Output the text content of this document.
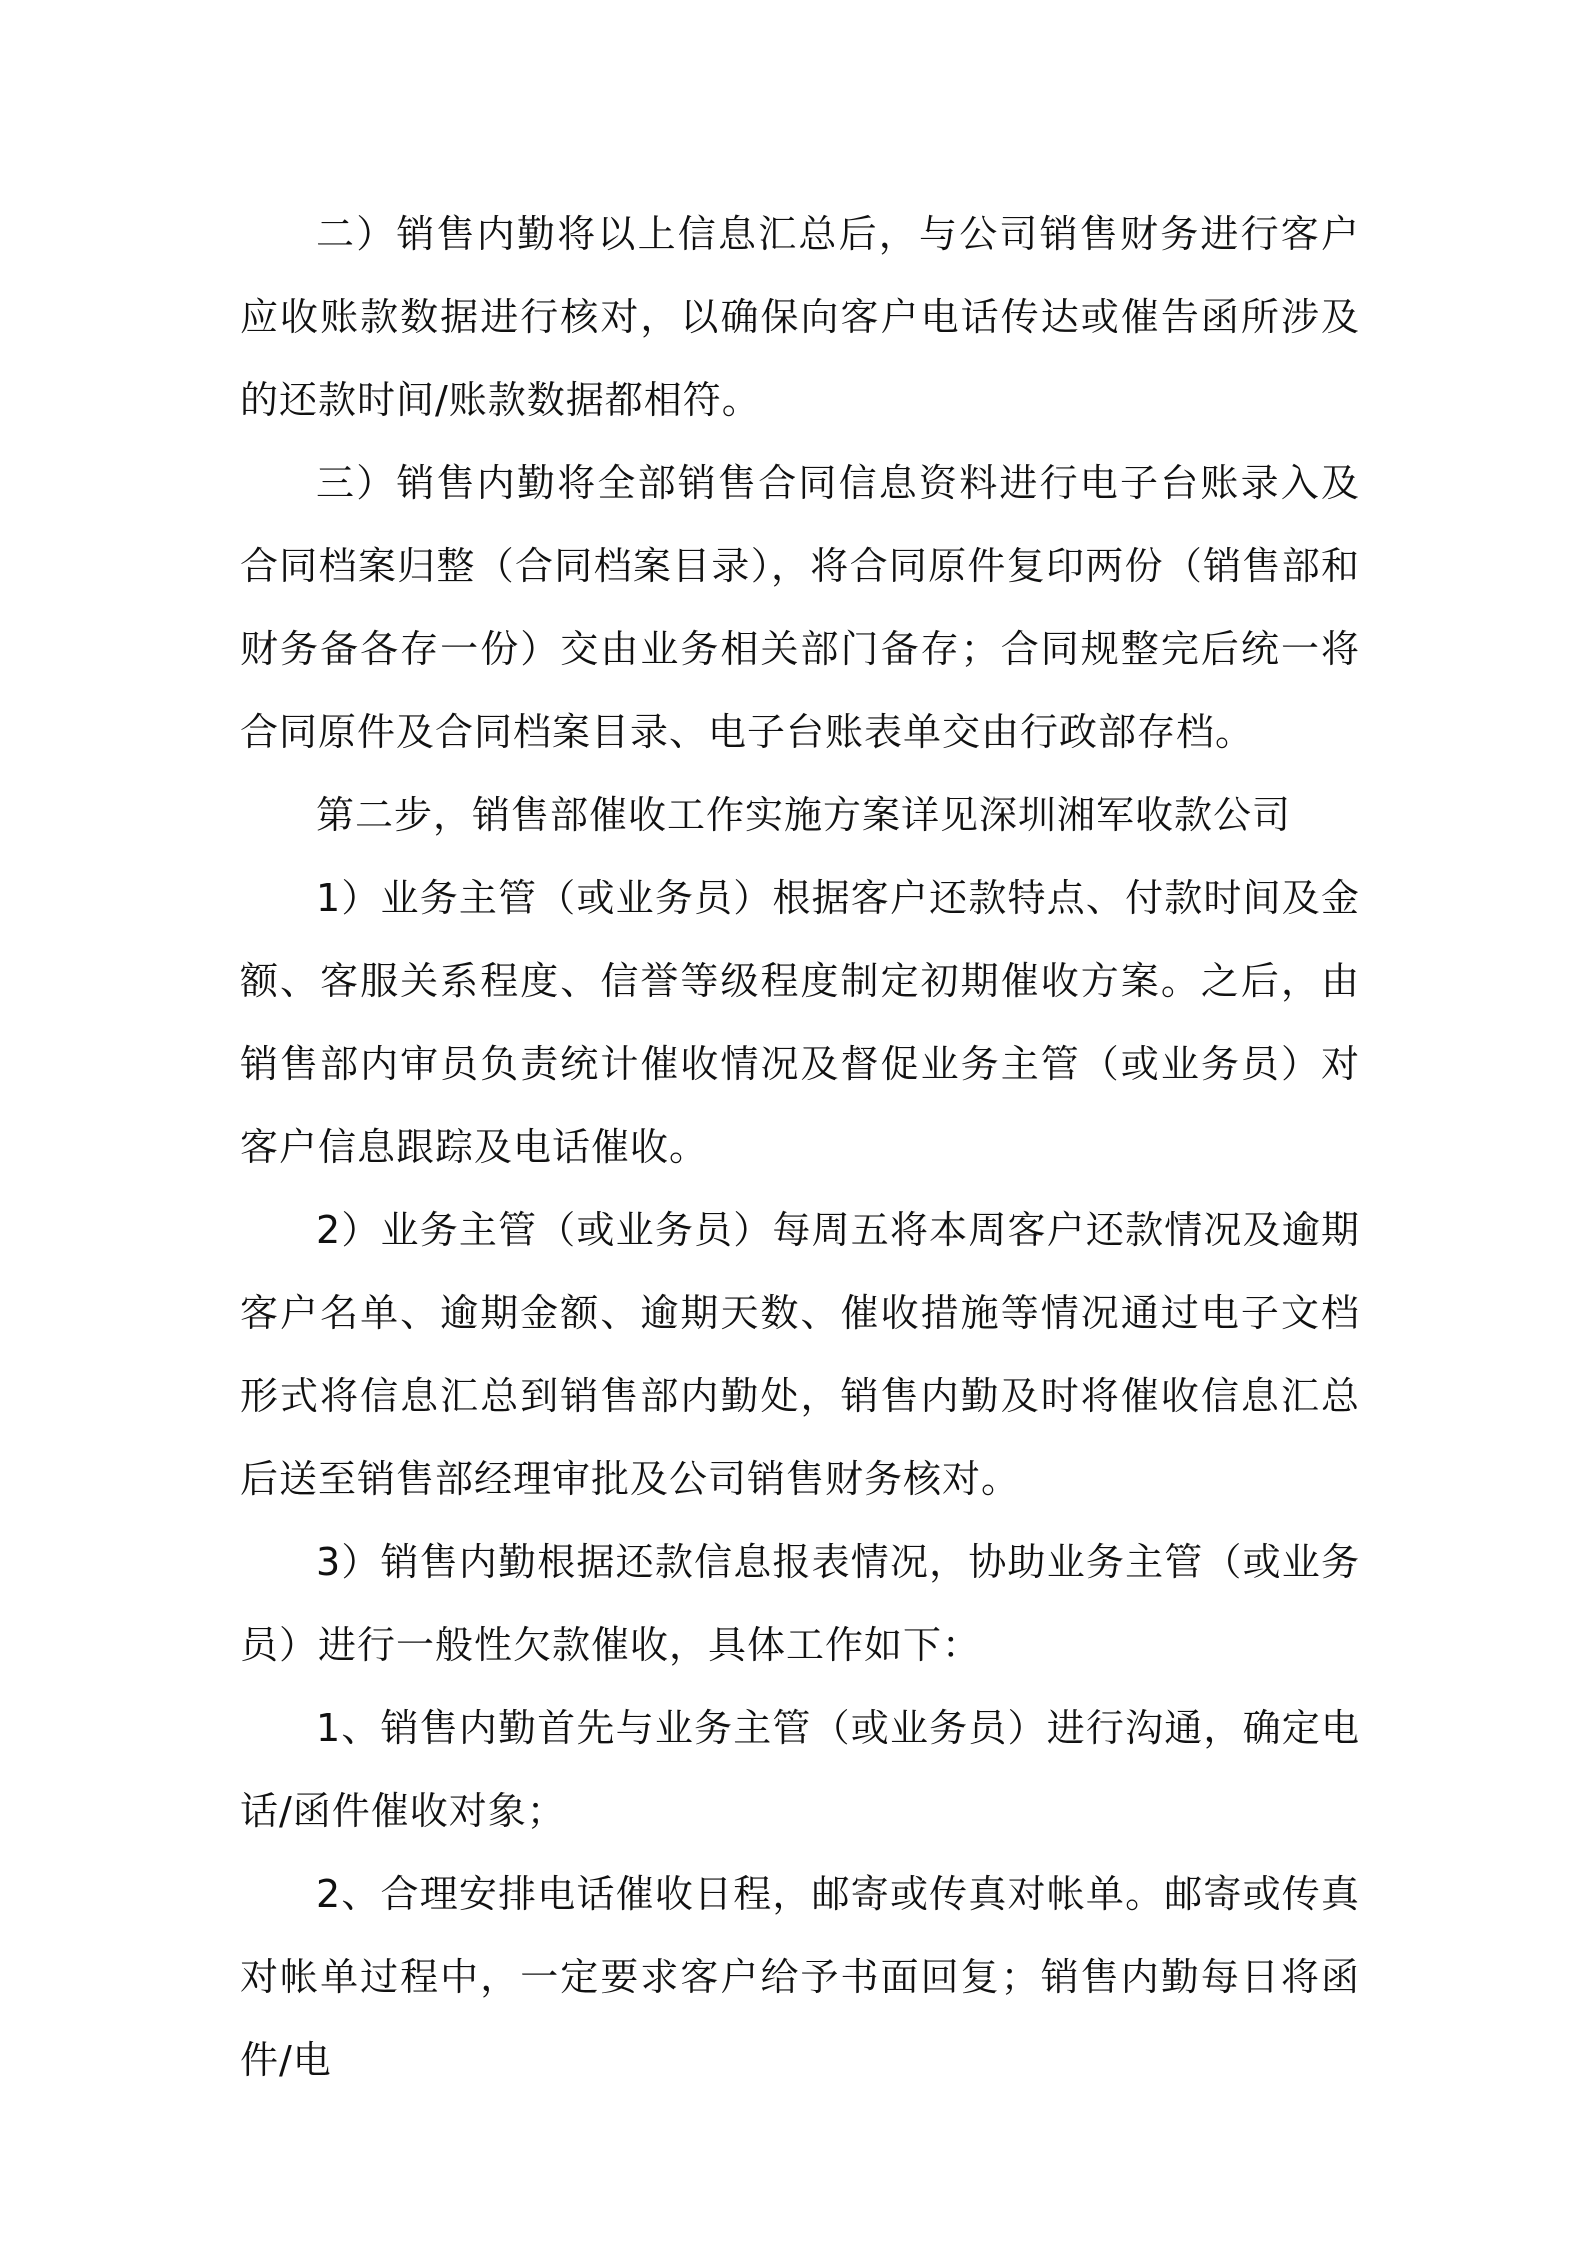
二）销售内勤将以上信息汇总后，与公司销售财务进行客户应收账款数据进行核对，以确保向客户电话传达或催告函所涉及的还款时间/账款数据都相符。

三）销售内勤将全部销售合同信息资料进行电子台账录入及合同档案归整（合同档案目录），将合同原件复印两份（销售部和财务备各存一份）交由业务相关部门备存；合同规整完后统一将合同原件及合同档案目录、电子台账表单交由行政部存档。

第二步，销售部催收工作实施方案详见深圳湘军收款公司

1）业务主管（或业务员）根据客户还款特点、付款时间及金额、客服关系程度、信誉等级程度制定初期催收方案。之后，由销售部内审员负责统计催收情况及督促业务主管（或业务员）对客户信息跟踪及电话催收。

2）业务主管（或业务员）每周五将本周客户还款情况及逾期客户名单、逾期金额、逾期天数、催收措施等情况通过电子文档形式将信息汇总到销售部内勤处，销售内勤及时将催收信息汇总后送至销售部经理审批及公司销售财务核对。

3）销售内勤根据还款信息报表情况，协助业务主管（或业务员）进行一般性欠款催收，具体工作如下：

1、销售内勤首先与业务主管（或业务员）进行沟通，确定电话/函件催收对象；

2、合理安排电话催收日程，邮寄或传真对帐单。邮寄或传真对帐单过程中，一定要求客户给予书面回复；销售内勤每日将函件/电
